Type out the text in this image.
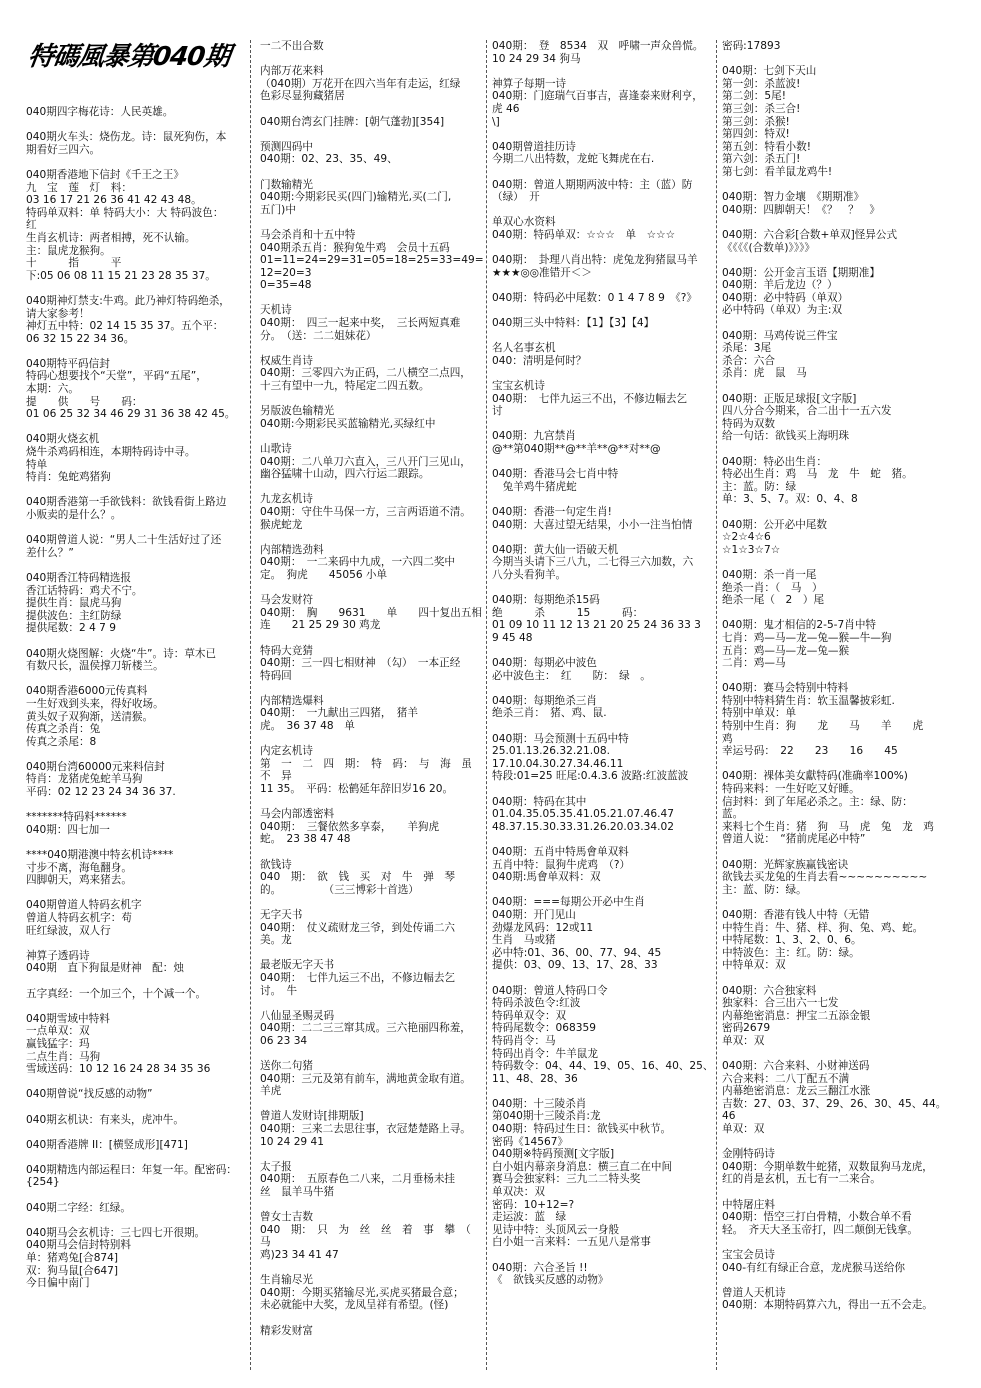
特碼風暴第040期
040期四字梅花诗：人民英雄。
040期火车头：烧伤龙。诗：鼠死狗伤，本
期看好三四六。
040期香港地下信封《千王之王》
九　宝　莲　灯　料：
03 16 17 21 26 36 41 42 43 48。
特码单双料：单 特码大小：大 特码波色：
红
生肖玄机诗：两者相搏，死不认输。
主：鼠虎龙猴狗。
十　　　指　　　平
下:05 06 08 11 15 21 23 28 35 37。
040期神灯禁支:牛鸡。此乃神灯特码绝杀，
请大家参考！
神灯五中特：02 14 15 35 37。五个平：
06 32 15 22 34 36。
040期特平码信封
特码心想要找个“天堂”，平码“五尾”，
本期：六。
提　　供　　号　　码：
01 06 25 32 34 46 29 31 36 38 42 45。
040期火烧玄机
烧牛杀鸡码相连，本期特码诗中寻。
特单
特肖：兔蛇鸡猪狗
040期香港第一手欲钱料：欲钱看街上路边
小贩卖的是什么？。
040期曾道人说：“男人二十生活好过了还
差什么？”
040期香江特码精选报
香江话特码：鸡犬不宁。
提供生肖：鼠虎马狗
提供波色：主红防绿
提供尾数：2 4 7 9
040期火烧图解：火烧“牛”。诗：草木已
有数尺长，温侯撑刀斩楼兰。
040期香港6000元传真料
一生好戏到头来，得好收场。
黄头奴子双狗渐，送清猴。
传真之杀肖：兔
传真之杀尾：8
040期台湾60000元来料信封
特肖：龙猪虎兔蛇羊马狗
平码：02 12 23 24 34 36 37.
*******特码料******
040期：四七加一
****040期港澳中特玄机诗****
寸步不离，海龟翻身。
四脚朝天，鸡来猪去。
040期曾道人特码玄机字
曾道人特码玄机字：苟
旺红绿波，双人行
神算子透码诗
040期　直下狗鼠是财神　配：烛
五字真经：一个加三个，十个减一个。
040期雪域中特料
一点单双：双
赢钱猛字：玛
二点生肖：马狗
雪域送码：10 12 16 24 28 34 35 36
040期曾说“找反感的动物”
040期玄机诀：有来头，虎冲牛。
040期香港牌 II：[横竖成形][471]
040期精选内部运程曰：年复一年。配密码：
{254}
040期二字经：红绿。
040期马会玄机诗：三七四七开很期。
040期马会信封特别料
单：猪鸡兔[合874]
双：狗马鼠[合647]
今日偏中南门
一二不出合数
内部万花来料
（040期）万花开在四六当年有走运，红绿
色彩尽显狗藏猪居
040期台湾玄门挂牌：[朝气蓬勃][354]
预测四码中
040期：02、23、35、49、
门数输精光
040期:今期彩民买(四门)输精光,买(二门,
五门)中
马会杀肖和十五中特
040期杀五肖：猴狗兔牛鸡　会员十五码
01=11=24=29=31=05=18=25=33=49=12=20=3
0=35=48
天机诗
040期：　四三一起来中奖，　三长两短真难
分。　（送：二二姐妹花）
权威生肖诗
040期：三零四六为正码，二八横空二点四，
十三有望中一九，特尾定二四五数。
另版波色输精光
040期:今期彩民买蓝输精光,买绿红中
山歌诗
040期：二八单刀六直入，三八开门三见山，
幽谷猛啸十山动，四六行运二跟踪。
九龙玄机诗
040期：守住牛马保一方，三言两语道不清。
猴虎蛇龙
内部精选劲料
040期：　一二来码中九成，一六四二奖中
定。　狗虎　　45056 小单
马会发财符
040期：　胸　　9631　　单　　四十复出五相
连　　21 25 29 30 鸡龙
特码大竞猜
040期：三一四七相财神　（勾）　一本正经
特码回
内部精选爆料
040期：　一九献出三四猪，　猪羊
虎。　36 37 48　单
内定玄机诗
第　一　二　四　期：　特　码：　与　海　虽　不　异
11 35。　平码：松鹤延年辞旧岁16 20。
马会内部透密料
040期：　三餐依然多享泰，　　羊狗虎
蛇。　23 38 47 48
欲钱诗
040　期：　欲　钱　买　对　牛　弹　琴
的。　　　　　（三三博彩十首选）
无字天书
040期：　仗义疏财龙三爷，到处传诵二六
美。龙
最老版无字天书
040期：　七伴九运三不出，不修边幅去乞
讨。　牛
八仙显圣赐灵码
040期：二二三三窜其成。三六艳丽四称羞，
06 23 34
送你二句猪
040期：三元及第有前车，满地黄金取有道。
羊虎
曾道人发财诗[排期版]
040期：三来二去思往事，衣冠楚楚路上寻。
10 24 29 41
太子报
040期：　五原春色二八来，二月垂杨未挂
丝　鼠羊马牛猪
曾女士吉数
040　期：　只　为　丝　丝　着　事　攀　（　马
鸡)23 34 41 47
生肖输尽光
040期：今期买猪输尽光,买虎买猪最合意；
未必就能中大奖，龙凤呈祥有希望。(怪)
精彩发财富
040期：　登　8534　双　呼啸一声众兽慌。
10 24 29 34 狗马
神算子每期一诗
040期：门庭瑞气百事吉，喜逢泰来财利亨，
虎 46
\]
040期曾道挂历诗
今期二八出特数，龙蛇飞舞虎在右.
040期：曾道人期期两波中特：主（蓝）防
（绿）　开
单双心水资料
040期：特码单双：☆☆☆　单　☆☆☆
040期：　卦理八肖出特：虎兔龙狗猪鼠马羊
★★★◎◎准错开＜＞
040期：特码必中尾数：0 1 4 7 8 9　《?》
040期三头中特料：【1】【3】【4】
名人名事玄机
040：清明是何时？
宝宝玄机诗
040期：　七伴九运三不出，不修边幅去乞
讨
040期：九宫禁肖
@**第040期**@**羊**@**对**@
040期：香港马会七肖中特
　兔羊鸡牛猪虎蛇
040期：香港一句定生肖!
040期：大喜过望无结果，小小一注当怕情
040期：黄大仙一语破天机
今期当头请下三八九，二七得三六加数，六
八分头看狗羊。
040期：每期绝杀15码
绝　　　杀　　　15　　　码：
01 09 10 11 12 13 21 20 25 24 36 33 3
9 45 48
040期：每期必中波色
必中波色主：　红　　防：　绿　。
040期：每期绝杀三肖
绝杀三肖：　猪、鸡、鼠.
040期：马会预测十五码中特
25.01.13.26.32.21.08.
17.10.04.30.27.34.46.11
特段:01=25 旺尾:0.4.3.6 波路:红波蓝波
040期：特码在其中
01.04.35.05.35.41.05.21.07.46.47
48.37.15.30.33.31.26.20.03.34.02
040期：五肖中特馬會单双料
五肖中特：鼠狗牛虎鸡　（?）
040期:馬會单双料：双
040期：===每期公开必中生肖
040期：开门见山
劲爆龙风码：12或11
生肖　马或猪
必中特:01、36、00、77、94、45
提供：03、09、13、17、28、33
040期：曾道人特码口令
特码杀波色令:红波
特码单双令：双
特码尾数令：068359
特码肖令：马
特码出肖令：牛羊鼠龙
特码数令：04、44、19、05、16、40、25、
11、48、28、36
040期：十三陵杀肖
第040期十三陵杀肖:龙
040期：特码过生日：欲钱买中秋节。
密码《14567》
040期※特码预测[文字版]
白小姐内幕亲身消息：横三直二在中间
赛马会独家料：三九二二特头奖
单双决：双
密码：10+12=?
走运波：蓝　绿
见诗中特：头顶风云一身般
白小姐一言来料：一五见八是常事
040期：六合圣旨 !!
《　欲钱买反感的动物》
密码:17893
040期：七剑下天山
第一剑：杀蓝波!
第二剑：5尾!
第三剑：杀三合!
第三剑：杀猴!
第四剑：特双!
第五剑：特看小数!
第六剑：杀五门!
第七剑：看羊鼠龙鸡牛!
040期：智力金壤　《期期准》
040期：四脚朝天！《？　？　》
040期：六合彩[合数+单双]怪异公式
《《《《(合数单)》》》》
040期：公开金言玉语【期期准】
040期：羊后龙边（？）
040期：必中特码（单双）
必中特码（单双）为主:双
040期：马鸡传说三件宝
杀尾：3尾
杀合：六合
杀肖：虎　鼠　马
040期：正版足球报[文字版]
四八分合今期来，合二出十一五六发
特码为双数
给一句话：欲钱买上海明珠
040期：特必出生肖：
特必出生肖：鸡　马　龙　牛　蛇　猪。
主：蓝。防：绿
单：3、5、7。双：0、4、8
040期：公开必中尾数
☆2☆4☆6
☆1☆3☆7☆
040期：杀一肖一尾
绝杀一肖：（　马　）
绝杀一尾（　2　）尾
040期：鬼才相信的2-5-7肖中特
七肖：鸡—马—龙—兔—猴—牛—狗
五肖：鸡—马—龙—兔—猴
二肖：鸡—马
040期：赛马会特别中特料
特别中特料猜生肖：软玉温馨披彩虹.
特别中单双：单
特别中生肖：狗　　龙　　马　　羊　　虎　　鸡
幸运号码：　22　　23　　16　　45
040期：裸体美女獻特码(准确率100%)
特码来料：一生好吃又好睡。
信封料：到了年尾必杀之。主：绿、防：
蓝。
来料七个生肖：猪　狗　马　虎　兔　龙　鸡
曾道人说：　“猪前虎尾必中特”
040期：光辉家族赢钱密诀
欲钱去买龙兔的生肖去看~~~~~~~~~~
主：蓝、防：绿。
040期：香港有钱人中特（无错
中特生肖：牛、猪、样、狗、兔、鸡、蛇。
中特尾数：1、3、2、0、6。
中特波色：主：红。防：绿。
中特单双：双
040期：六合独家料
独家料：合三出六一七发
内幕绝密消息：押宝二五添金银
密码2679
单双：双
040期：六合来料、小财神送码
六合来料：二八丁配五不满
内幕绝密消息：龙云三翻江水涨
吉数：27、03、37、29、26、30、45、44。
46
单双：双
金刚特码诗
040期：今期单数牛蛇猪，双数鼠狗马龙虎，
红的肖是玄机，五七有一二来合。
中特屠庄料
040期：悟空三打白骨精，小数合单不看
轻。　齐天大圣玉帝打，四二颠倒无钱拿。
宝宝会员诗
040-有红有绿正合意，龙虎猴马送给你
曾道人天机诗
040期：本期特码算六九，得出一五不会走。
